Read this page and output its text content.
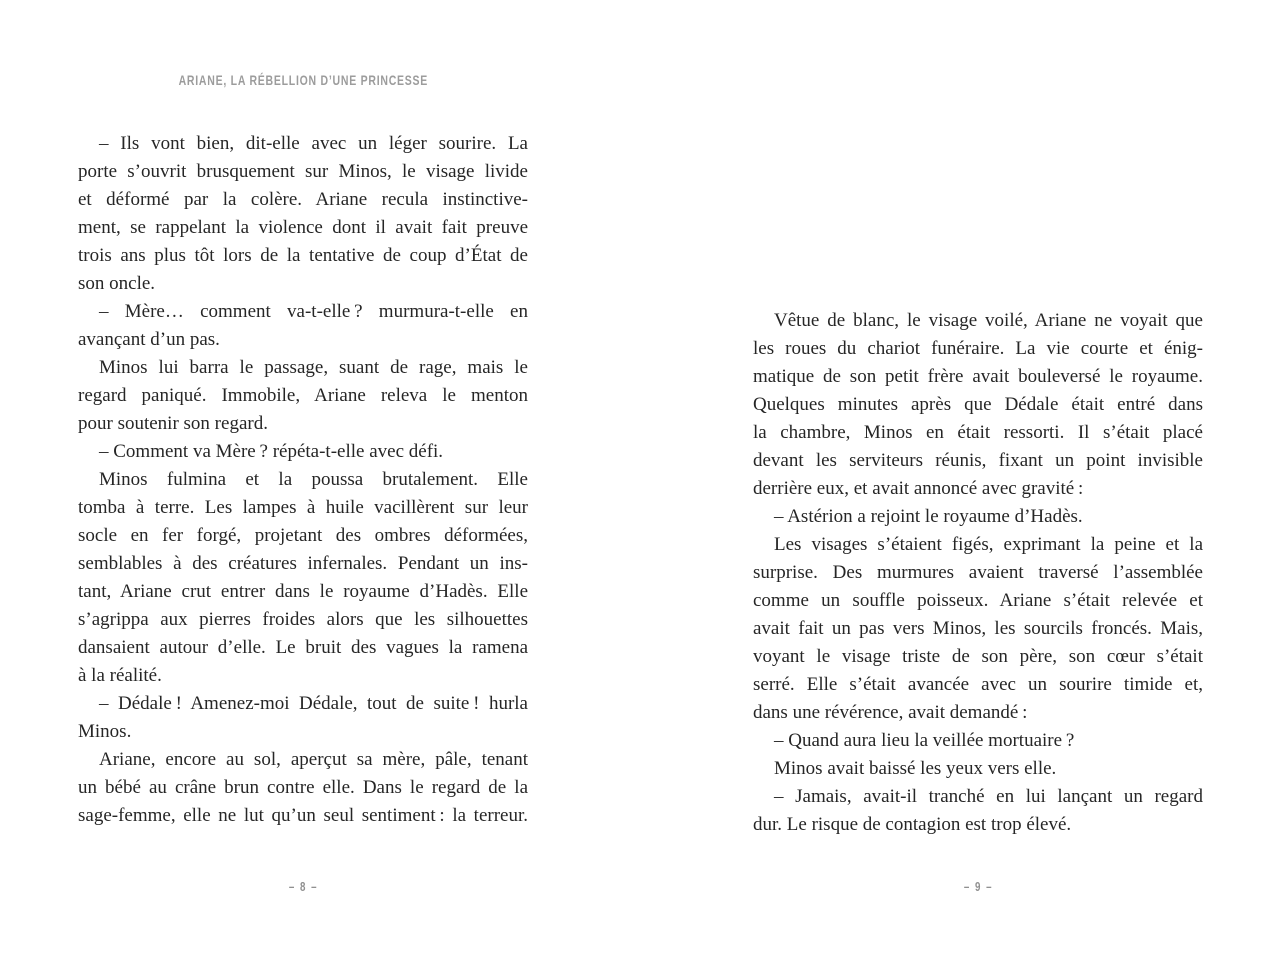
ARIANE, LA RÉBELLION D’UNE PRINCESSE
– Ils vont bien, dit-elle avec un léger sourire. La
porte s’ouvrit brusquement sur Minos, le visage livide
et déformé par la colère. Ariane recula instinctive-
ment, se rappelant la violence dont il avait fait preuve
trois ans plus tôt lors de la tentative de coup d’État de
son oncle.
– Mère… comment va-t-elle ? murmura-t-elle en
avançant d’un pas.
Minos lui barra le passage, suant de rage, mais le
regard paniqué. Immobile, Ariane releva le menton
pour soutenir son regard.
– Comment va Mère ? répéta-t-elle avec défi.
Minos fulmina et la poussa brutalement. Elle
tomba à terre. Les lampes à huile vacillèrent sur leur
socle en fer forgé, projetant des ombres déformées,
semblables à des créatures infernales. Pendant un ins-
tant, Ariane crut entrer dans le royaume d’Hadès. Elle
s’agrippa aux pierres froides alors que les silhouettes
dansaient autour d’elle. Le bruit des vagues la ramena
à la réalité.
– Dédale ! Amenez-moi Dédale, tout de suite ! hurla
Minos.
Ariane, encore au sol, aperçut sa mère, pâle, tenant
un bébé au crâne brun contre elle. Dans le regard de la
sage-femme, elle ne lut qu’un seul sentiment : la terreur.
Vêtue de blanc, le visage voilé, Ariane ne voyait que
les roues du chariot funéraire. La vie courte et énig-
matique de son petit frère avait bouleversé le royaume.
Quelques minutes après que Dédale était entré dans
la chambre, Minos en était ressorti. Il s’était placé
devant les serviteurs réunis, fixant un point invisible
derrière eux, et avait annoncé avec gravité :
– Astérion a rejoint le royaume d’Hadès.
Les visages s’étaient figés, exprimant la peine et la
surprise. Des murmures avaient traversé l’assemblée
comme un souffle poisseux. Ariane s’était relevée et
avait fait un pas vers Minos, les sourcils froncés. Mais,
voyant le visage triste de son père, son cœur s’était
serré. Elle s’était avancée avec un sourire timide et,
dans une révérence, avait demandé :
– Quand aura lieu la veillée mortuaire ?
Minos avait baissé les yeux vers elle.
– Jamais, avait-il tranché en lui lançant un regard
dur. Le risque de contagion est trop élevé.
– 8 –	– 9 –
